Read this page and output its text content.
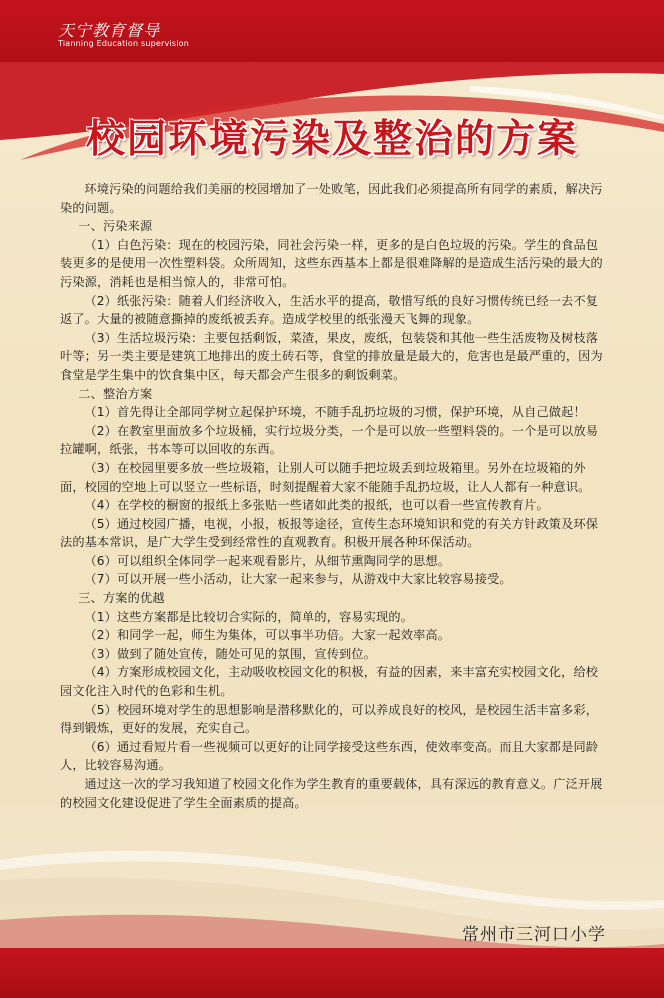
天宁教育督导
Tianning Education supervision
校园环境污染及整治的方案

环境污染的问题给我们美丽的校园增加了一处败笔，因此我们必须提高所有同学的素质，解决污染的问题。

一、污染来源

（1）白色污染：现在的校园污染，同社会污染一样，更多的是白色垃圾的污染。学生的食品包装更多的是使用一次性塑料袋。众所周知，这些东西基本上都是很难降解的是造成生活污染的最大的污染源，消耗也是相当惊人的，非常可怕。

（2）纸张污染：随着人们经济收入，生活水平的提高，敬惜写纸的良好习惯传统已经一去不复返了。大量的被随意撕掉的废纸被丢弃。造成学校里的纸张漫天飞舞的现象。

（3）生活垃圾污染：主要包括剩饭，菜渣，果皮，废纸，包装袋和其他一些生活废物及树枝落叶等；另一类主要是建筑工地排出的废土砖石等，食堂的排放量是最大的，危害也是最严重的，因为食堂是学生集中的饮食集中区，每天都会产生很多的剩饭剩菜。

二、整治方案

（1）首先得让全部同学树立起保护环境，不随手乱扔垃圾的习惯，保护环境，从自己做起！

（2）在教室里面放多个垃圾桶，实行垃圾分类，一个是可以放一些塑料袋的。一个是可以放易拉罐啊，纸张，书本等可以回收的东西。

（3）在校园里要多放一些垃圾箱，让别人可以随手把垃圾丢到垃圾箱里。另外在垃圾箱的外面，校园的空地上可以竖立一些标语，时刻提醒着大家不能随手乱扔垃圾，让人人都有一种意识。

（4）在学校的橱窗的报纸上多张贴一些诸如此类的报纸，也可以看一些宣传教育片。

（5）通过校园广播，电视，小报，板报等途径，宣传生态环境知识和党的有关方针政策及环保法的基本常识，是广大学生受到经常性的直观教育。积极开展各种环保活动。

（6）可以组织全体同学一起来观看影片，从细节熏陶同学的思想。

（7）可以开展一些小活动，让大家一起来参与，从游戏中大家比较容易接受。

三、方案的优越

（1）这些方案都是比较切合实际的，简单的，容易实现的。

（2）和同学一起，师生为集体，可以事半功倍。大家一起效率高。

（3）做到了随处宣传，随处可见的氛围，宣传到位。

（4）方案形成校园文化，主动吸收校园文化的积极，有益的因素，来丰富充实校园文化，给校园文化注入时代的色彩和生机。

（5）校园环境对学生的思想影响是潜移默化的，可以养成良好的校风，是校园生活丰富多彩，得到锻炼，更好的发展，充实自己。

（6）通过看短片看一些视频可以更好的让同学接受这些东西，使效率变高。而且大家都是同龄人，比较容易沟通。

通过这一次的学习我知道了校园文化作为学生教育的重要载体，具有深远的教育意义。广泛开展的校园文化建设促进了学生全面素质的提高。

常州市三河口小学
